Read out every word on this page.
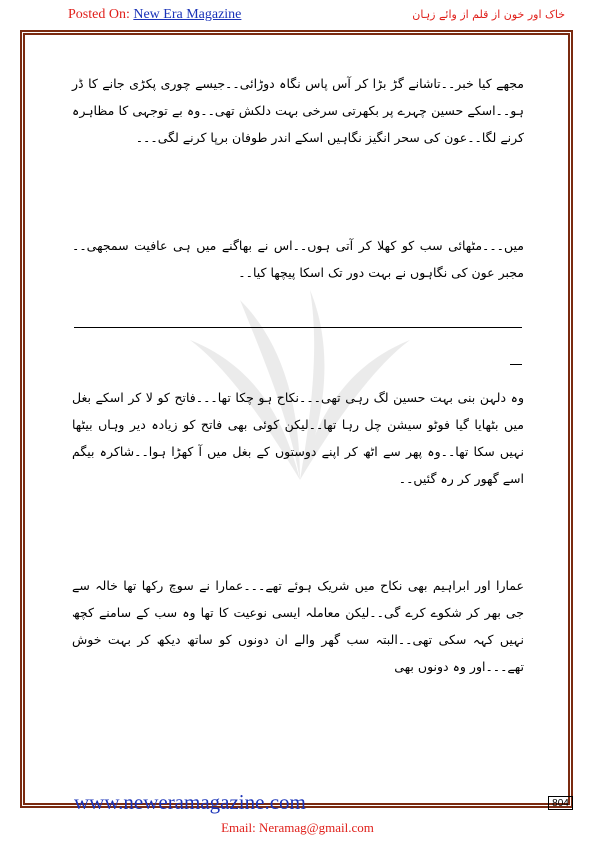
Posted On: New Era Magazine	خاک اور خون از قلم از وائے زہان

مجھے کیا خبر۔۔تاشانے گڑ بڑا کر آس پاس نگاہ دوڑائی۔۔جیسے چوری پکڑی جانے کا ڈر ہو۔۔اسکے حسین چہرے پر بکھرتی سرخی بہت دلکش تھی۔۔وہ بے توجہی کا مظاہرہ کرنے لگا۔۔عون کی سحر انگیز نگاہیں اسکے اندر طوفان برپا کرنے لگی۔۔۔

میں۔۔۔مٹھائی سب کو کھلا کر آتی ہوں۔۔اس نے بھاگنے میں ہی عافیت سمجھی۔۔مجبر عون کی نگاہوں نے بہت دور تک اسکا پیچھا کیا۔۔

وہ دلہن بنی بہت حسین لگ رہی تھی۔۔۔نکاح ہو چکا تھا۔۔۔فاتح کو لا کر اسکے بغل میں بٹھایا گیا فوٹو سیشن چل رہا تھا۔۔لیکن کوئی بھی فاتح کو زیادہ دیر وہاں بیٹھا نہیں سکا تھا۔۔وہ پھر سے اٹھ کر اپنے دوستوں کے بغل میں آ کھڑا ہوا۔۔شاکرہ بیگم اسے گھور کر رہ گئیں۔۔

عمارا اور ابراہیم بھی نکاح میں شریک ہوئے تھے۔۔۔عمارا نے سوچ رکھا تھا خالہ سے جی بھر کر شکوے کرے گی۔۔لیکن معاملہ ایسی نوعیت کا تھا وہ سب کے سامنے کچھ نہیں کہہ سکی تھی۔۔البتہ سب گھر والے ان دونوں کو ساتھ دیکھ کر بہت خوش تھے۔۔۔اور وہ دونوں بھی

804
www.neweramagazine.com
Email: Neramag@gmail.com
